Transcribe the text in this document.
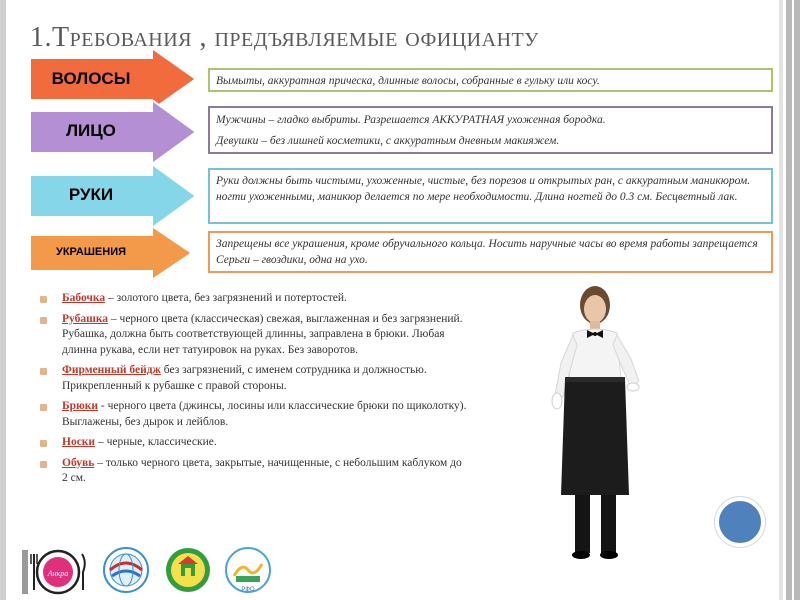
1.Требования , предъявляемые официанту
Вымыты, аккуратная прическа, длинные волосы, собранные в гульку или косу.
ВОЛОСЫ
Мужчины – гладко выбриты. Разрешается АККУРАТНАЯ ухоженная бородка.
Девушки – без лишней косметики, с аккуратным дневным макияжем.
ЛИЦО
Руки должны быть чистыми, ухоженные, чистые, без порезов и открытых ран, с аккуратным маникюром. ногти ухоженными, маникюр делается по мере необходимости. Длина ногтей до 0.3 см. Бесцветный лак.
РУКИ
Запрещены все украшения, кроме обручального кольца. Носить наручные часы во время работы запрещается Серьги – гвоздики, одна на ухо.
УКРАШЕНИЯ
Бабочка – золотого цвета, без загрязнений и потертостей.
Рубашка – черного цвета (классическая) свежая, выглаженная и без загрязнений. Рубашка, должна быть соответствующей длинны, заправлена в брюки. Любая длинна рукава, если нет татуировок на руках. Без заворотов.
Фирменный бейдж без загрязнений, с именем сотрудника и должностью. Прикрепленный к рубашке с правой стороны.
Брюки - черного цвета (джинсы, лосины или классические брюки по щиколотку). Выглажены, без дырок и лейблов.
Носки – черные, классические.
Обувь – только черного цвета, закрытые, начищенные, с небольшим каблуком до 2 см.
Анкра
РФО
